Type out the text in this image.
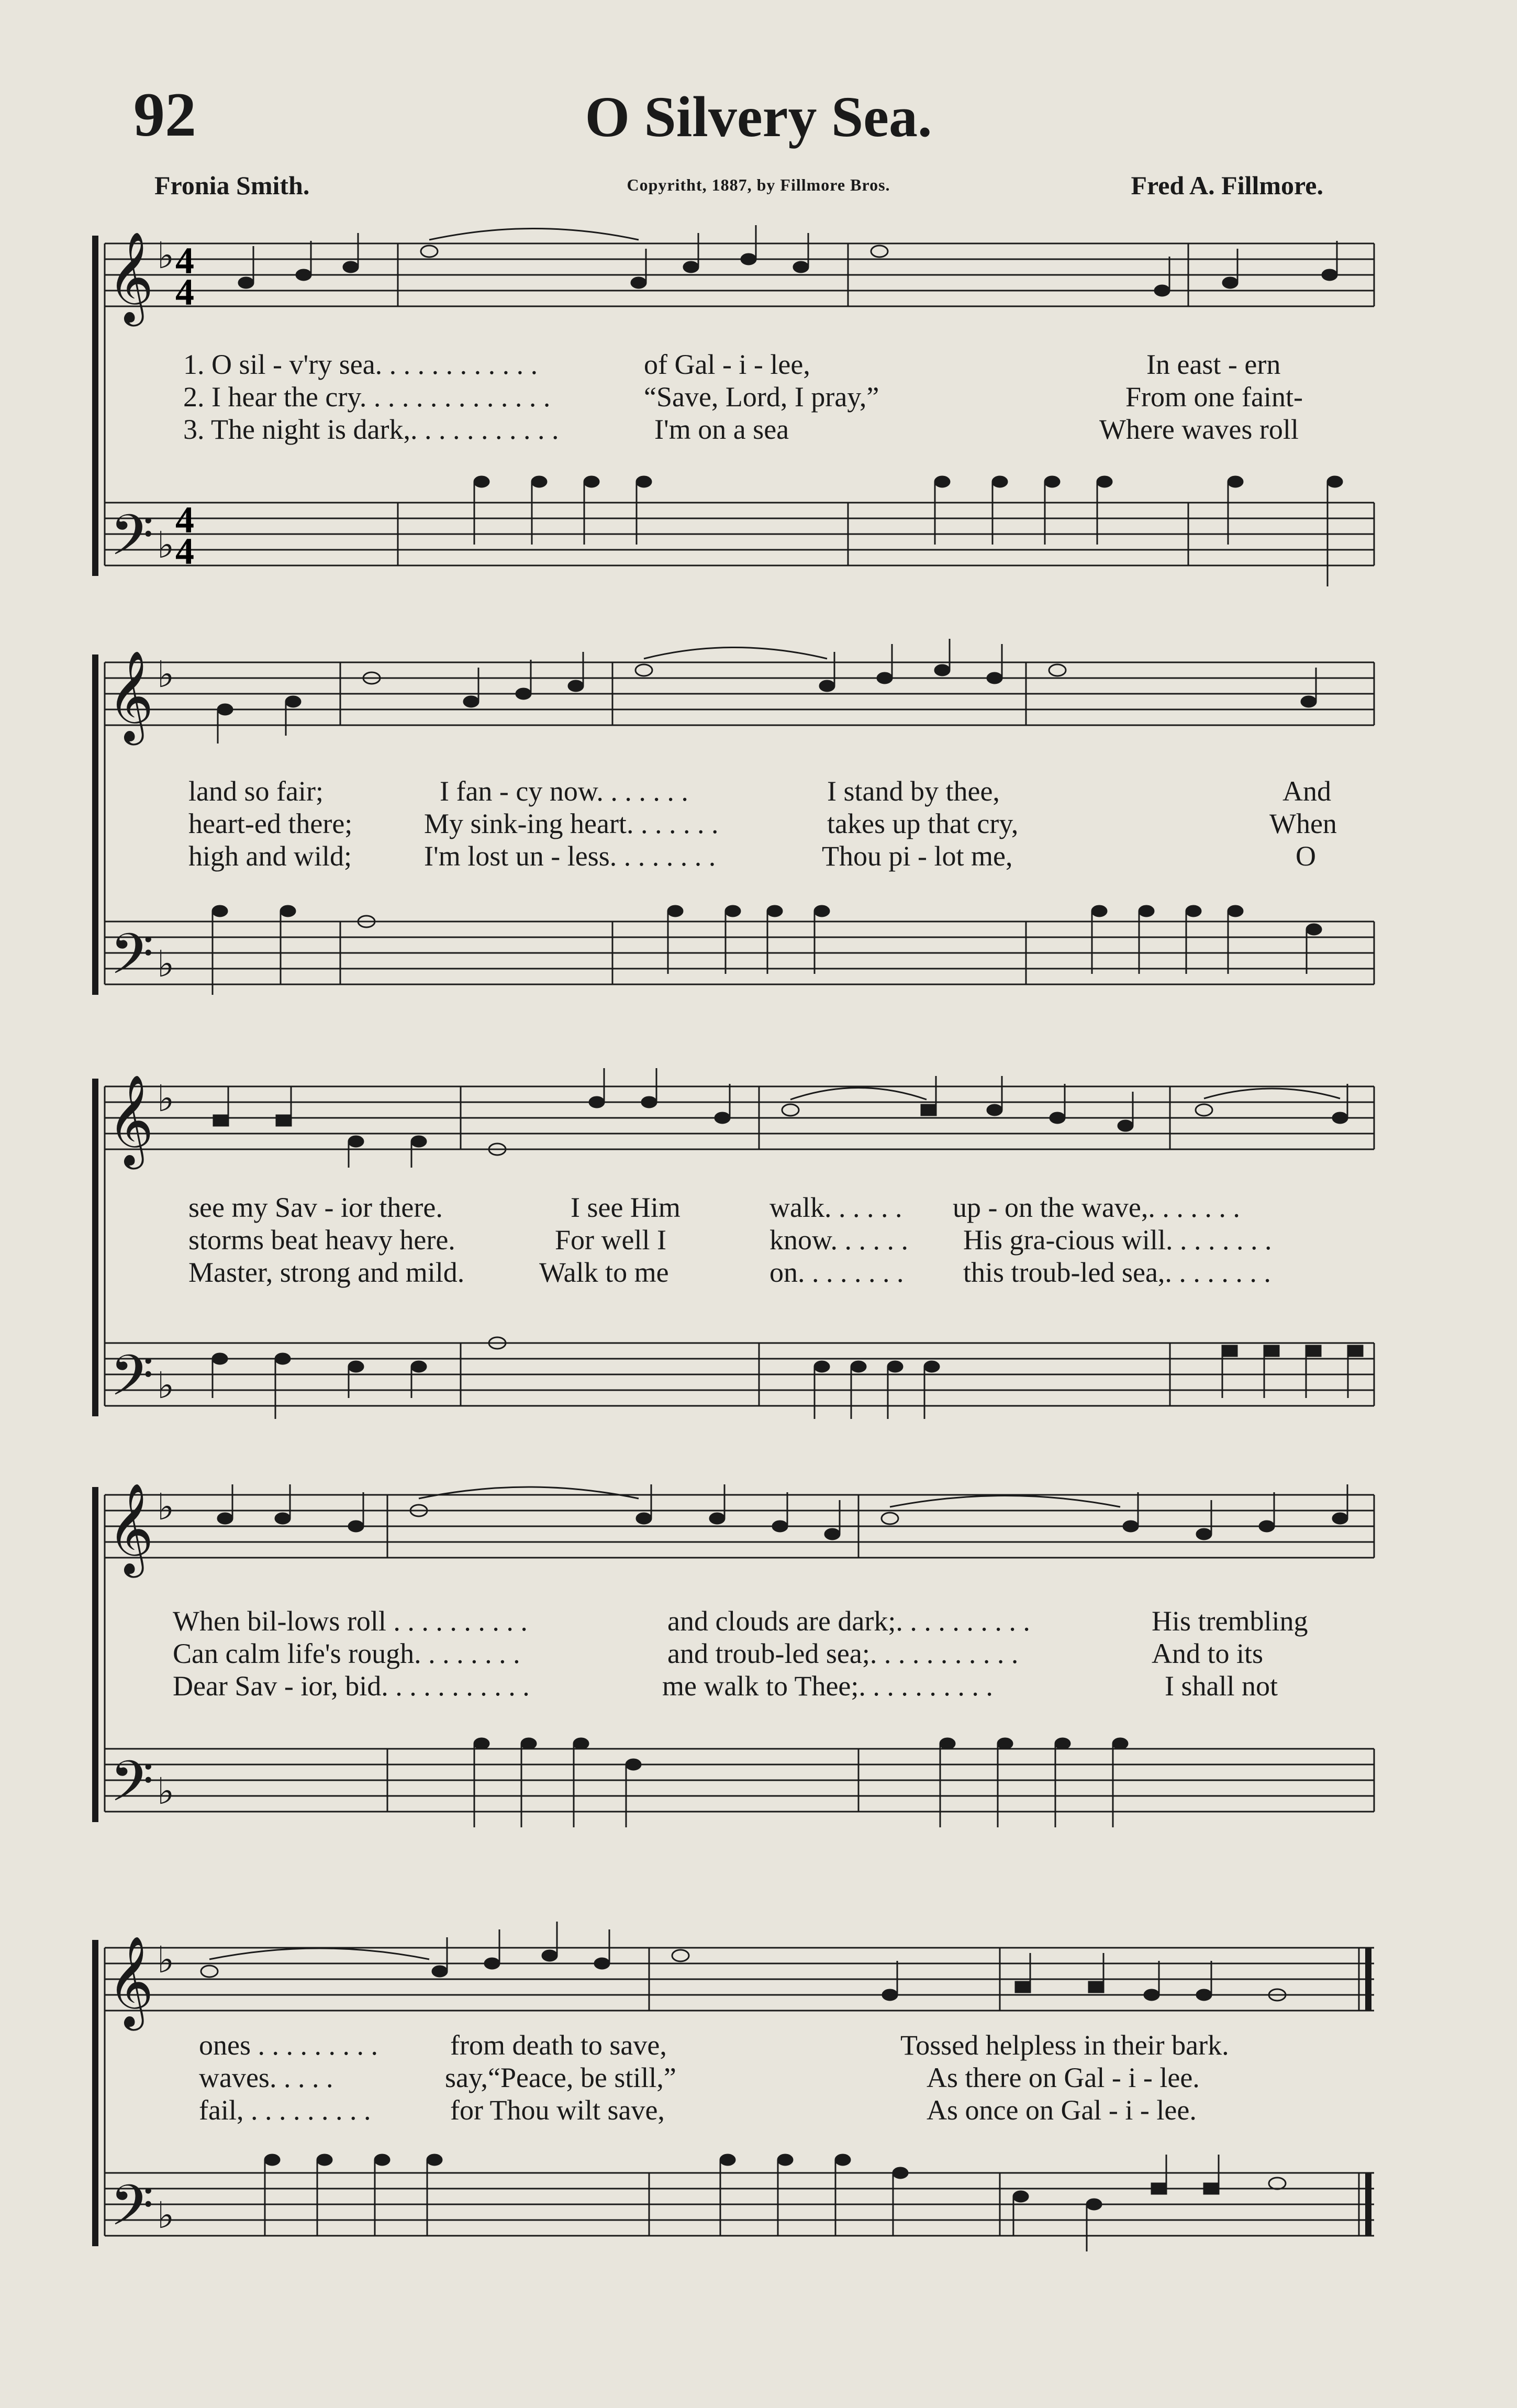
92	O Silvery Sea.
Fronia Smith.	Copyritht, 1887, by Fillmore Bros.	Fred A. Fillmore.
𝄞
𝄢
♭
♭
4
4
4
4
1. O sil - v'ry sea. . . . . . . . . . . .	of Gal - i - lee,	In east - ern
2. I hear the cry. . . . . . . . . . . . . .	“Save, Lord, I pray,”	From one faint-
3. The night is dark,. . . . . . . . . . .	I'm on a sea	Where waves roll
𝄞
𝄢
♭
♭
land so fair;	I fan - cy now. . . . . . .	I stand by thee,	And
heart-ed there;	My sink-ing heart. . . . . . .	takes up that cry,	When
high and wild;	I'm lost un - less. . . . . . . .	Thou pi - lot me,	O
𝄞
𝄢
♭
♭
see my Sav - ior there.	I see Him	walk. . . . . . up - on the wave,. . . . . . .
storms beat heavy here.	For well I	know. . . . . . His gra-cious will. . . . . . . .
Master, strong and mild.	Walk to me	on. . . . . . . . this troub-led sea,. . . . . . . .
𝄞
𝄢
♭
♭
When bil-lows roll . . . . . . . . . .	and clouds are dark;. . . . . . . . . .	His trembling
Can calm life's rough. . . . . . . .	and troub-led sea;. . . . . . . . . . .	And to its
Dear Sav - ior, bid. . . . . . . . . . .	me walk to Thee;. . . . . . . . . .	I shall not
𝄞
𝄢
♭
♭
ones . . . . . . . . .	from death to save,	Tossed helpless in their bark.
waves. . . . .	say,“Peace, be still,”	As there on Gal - i - lee.
fail, . . . . . . . . .	for Thou wilt save,	As once on Gal - i - lee.
